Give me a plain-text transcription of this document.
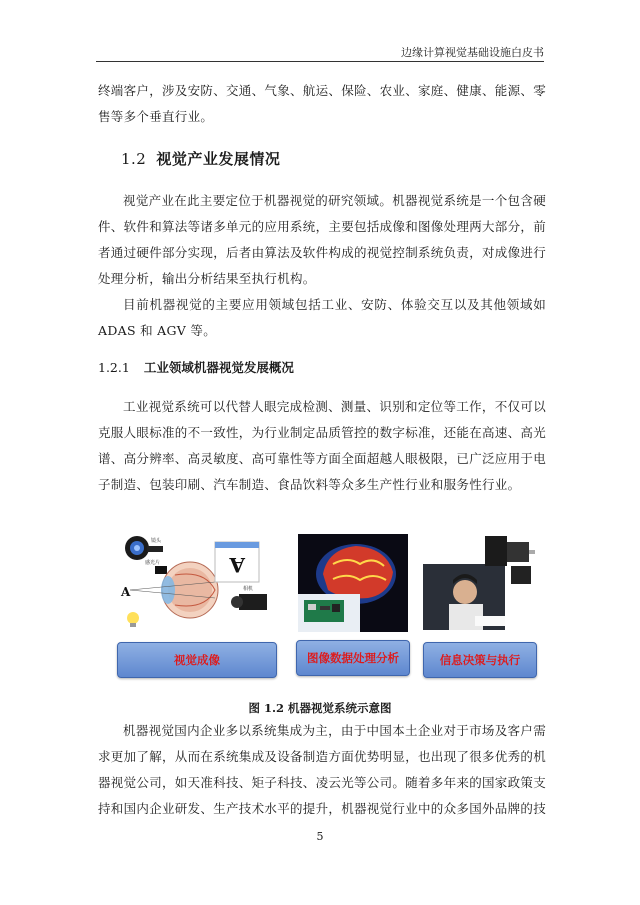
边缘计算视觉基础设施白皮书

终端客户，涉及安防、交通、气象、航运、保险、农业、家庭、健康、能源、零售等多个垂直行业。

1.2 视觉产业发展情况

视觉产业在此主要定位于机器视觉的研究领域。机器视觉系统是一个包含硬件、软件和算法等诸多单元的应用系统，主要包括成像和图像处理两大部分，前者通过硬件部分实现，后者由算法及软件构成的视觉控制系统负责，对成像进行处理分析，输出分析结果至执行机构。

目前机器视觉的主要应用领域包括工业、安防、体验交互以及其他领域如 ADAS 和 AGV 等。

1.2.1 工业领域机器视觉发展概况

工业视觉系统可以代替人眼完成检测、测量、识别和定位等工作，不仅可以克服人眼标准的不一致性，为行业制定品质管控的数字标准，还能在高速、高光谱、高分辨率、高灵敏度、高可靠性等方面全面超越人眼极限，已广泛应用于电子制造、包装印刷、汽车制造、食品饮料等众多生产性行业和服务性行业。

镜头
感光片
A
A
相机
视觉成像	图像数据处理分析	信息决策与执行
图 1.2 机器视觉系统示意图

机器视觉国内企业多以系统集成为主，由于中国本土企业对于市场及客户需求更加了解，从而在系统集成及设备制造方面优势明显，也出现了很多优秀的机器视觉公司，如天准科技、矩子科技、凌云光等公司。随着多年来的国家政策支持和国内企业研发、生产技术水平的提升，机器视觉行业中的众多国外品牌的技

5
